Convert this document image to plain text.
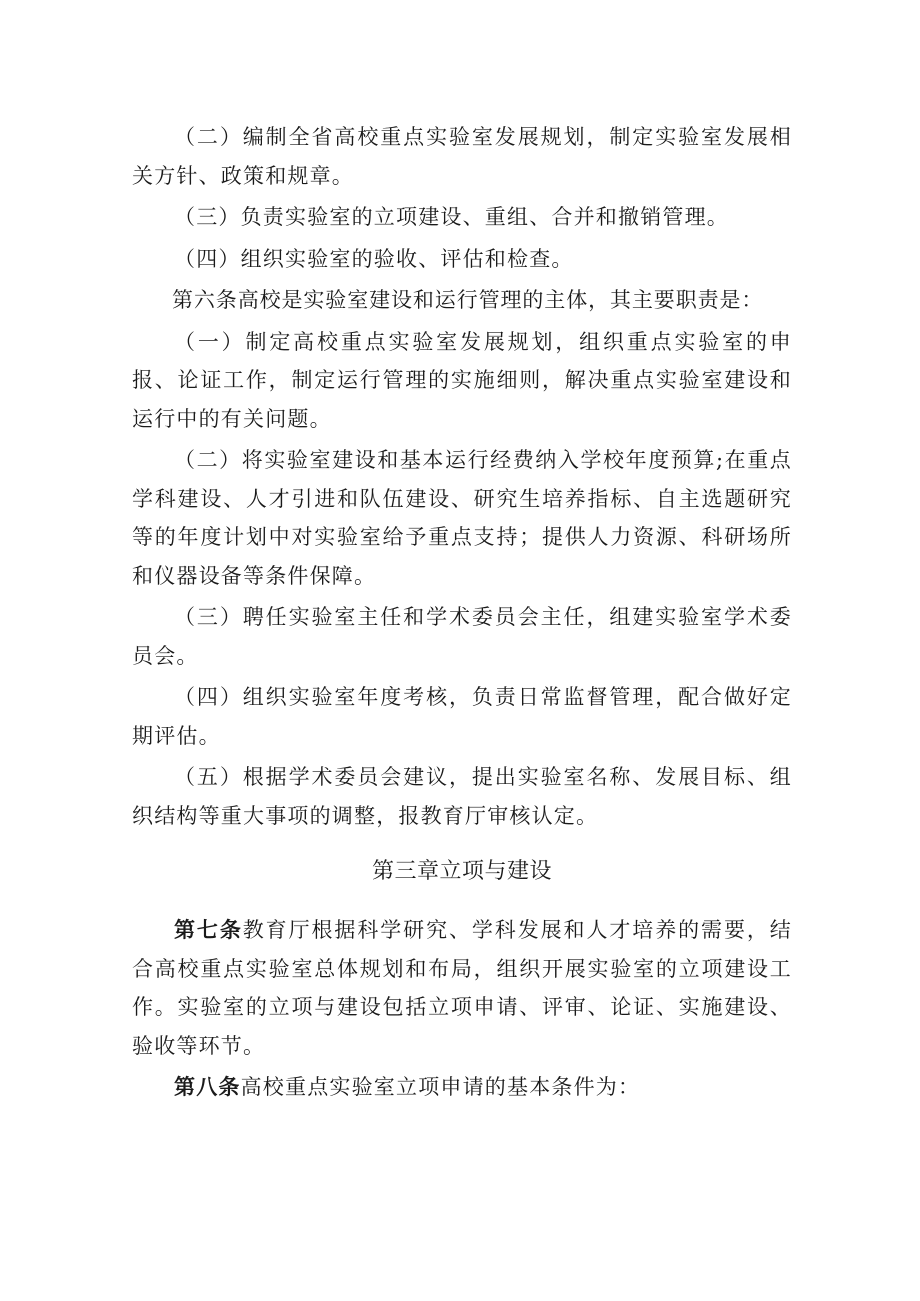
（二）编制全省高校重点实验室发展规划，制定实验室发展相关方针、政策和规章。

（三）负责实验室的立项建设、重组、合并和撤销管理。

（四）组织实验室的验收、评估和检查。

第六条高校是实验室建设和运行管理的主体，其主要职责是：

（一）制定高校重点实验室发展规划，组织重点实验室的申报、论证工作，制定运行管理的实施细则，解决重点实验室建设和运行中的有关问题。

（二）将实验室建设和基本运行经费纳入学校年度预算;在重点学科建设、人才引进和队伍建设、研究生培养指标、自主选题研究等的年度计划中对实验室给予重点支持；提供人力资源、科研场所和仪器设备等条件保障。

（三）聘任实验室主任和学术委员会主任，组建实验室学术委员会。

（四）组织实验室年度考核，负责日常监督管理，配合做好定期评估。

（五）根据学术委员会建议，提出实验室名称、发展目标、组织结构等重大事项的调整，报教育厅审核认定。

第三章立项与建设

第七条教育厅根据科学研究、学科发展和人才培养的需要，结合高校重点实验室总体规划和布局，组织开展实验室的立项建设工作。实验室的立项与建设包括立项申请、评审、论证、实施建设、验收等环节。

第八条高校重点实验室立项申请的基本条件为：
